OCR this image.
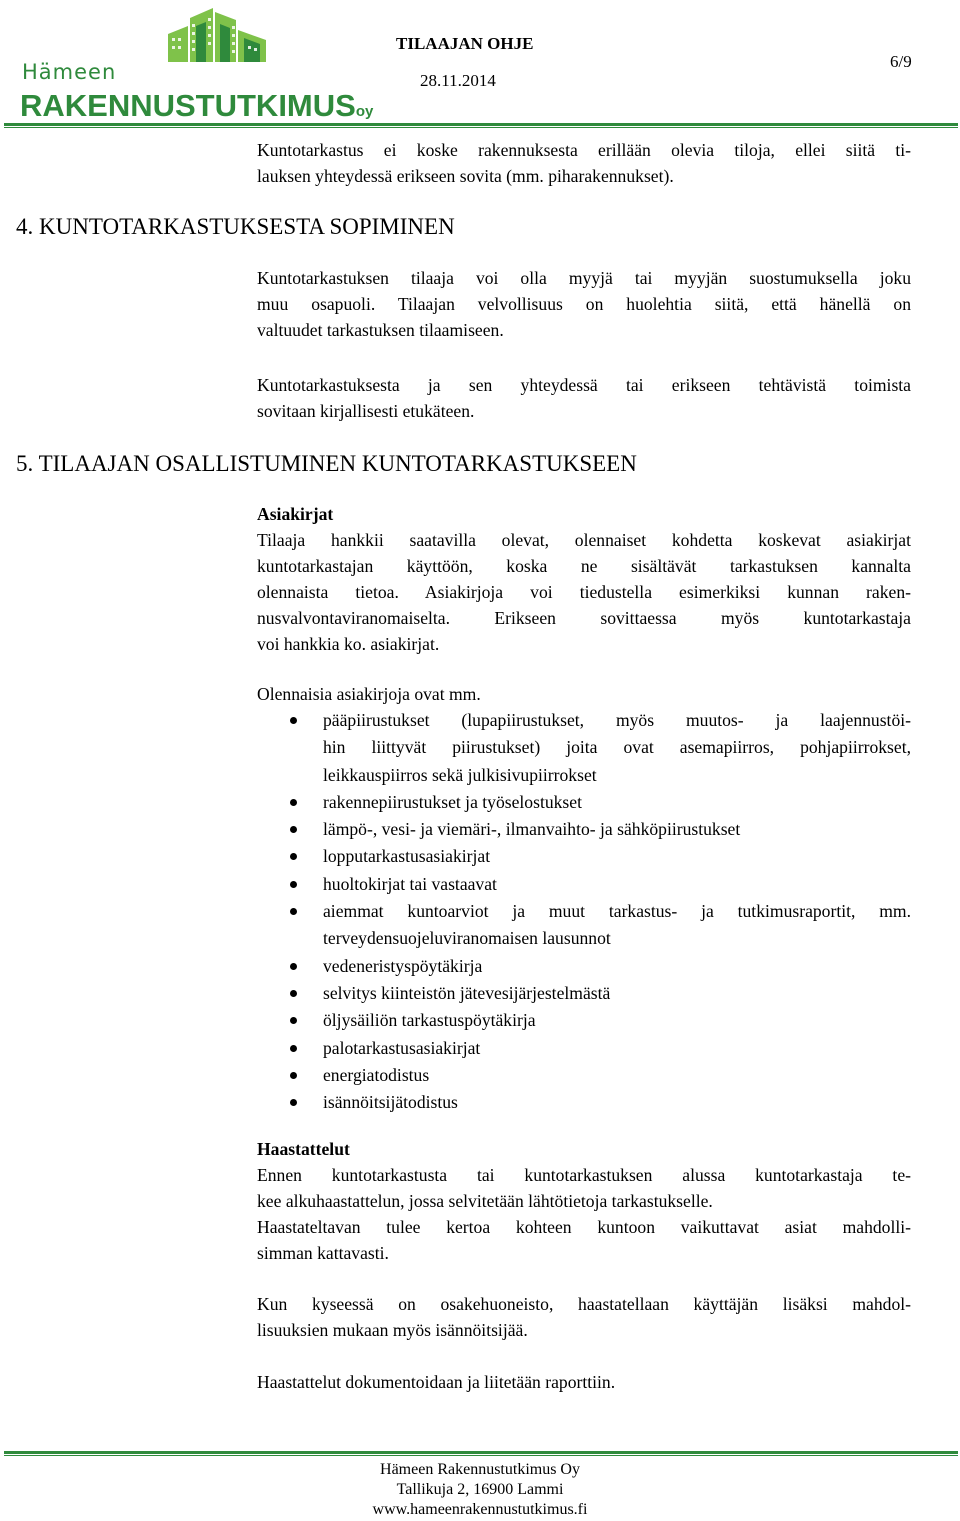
Hämeen
RAKENNUSTUTKIMUSoy
TILAAJAN OHJE
28.11.2014
6/9
Kuntotarkastus ei koske rakennuksesta erillään olevia tiloja, ellei siitä ti-
lauksen yhteydessä erikseen sovita (mm. piharakennukset).
4. KUNTOTARKASTUKSESTA SOPIMINEN
Kuntotarkastuksen tilaaja voi olla myyjä tai myyjän suostumuksella joku
muu osapuoli. Tilaajan velvollisuus on huolehtia siitä, että hänellä on
valtuudet tarkastuksen tilaamiseen.
Kuntotarkastuksesta ja sen yhteydessä tai erikseen tehtävistä toimista
sovitaan kirjallisesti etukäteen.
5. TILAAJAN OSALLISTUMINEN KUNTOTARKASTUKSEEN
Asiakirjat
Tilaaja hankkii saatavilla olevat, olennaiset kohdetta koskevat asiakirjat
kuntotarkastajan käyttöön, koska ne sisältävät tarkastuksen kannalta
olennaista tietoa. Asiakirjoja voi tiedustella esimerkiksi kunnan raken-
nusvalvontaviranomaiselta. Erikseen sovittaessa myös kuntotarkastaja
voi hankkia ko. asiakirjat.
Olennaisia asiakirjoja ovat mm.
pääpiirustukset (lupapiirustukset, myös muutos- ja laajennustöi-
hin liittyvät piirustukset) joita ovat asemapiirros, pohjapiirrokset,
leikkauspiirros sekä julkisivupiirrokset
rakennepiirustukset ja työselostukset
lämpö-, vesi- ja viemäri-, ilmanvaihto- ja sähköpiirustukset
lopputarkastusasiakirjat
huoltokirjat tai vastaavat
aiemmat kuntoarviot ja muut tarkastus- ja tutkimusraportit, mm.
terveydensuojeluviranomaisen lausunnot
vedeneristyspöytäkirja
selvitys kiinteistön jätevesijärjestelmästä
öljysäiliön tarkastuspöytäkirja
palotarkastusasiakirjat
energiatodistus
isännöitsijätodistus
Haastattelut
Ennen kuntotarkastusta tai kuntotarkastuksen alussa kuntotarkastaja te-
kee alkuhaastattelun, jossa selvitetään lähtötietoja tarkastukselle.
Haastateltavan tulee kertoa kohteen kuntoon vaikuttavat asiat mahdolli-
simman kattavasti.
Kun kyseessä on osakehuoneisto, haastatellaan käyttäjän lisäksi mahdol-
lisuuksien mukaan myös isännöitsijää.
Haastattelut dokumentoidaan ja liitetään raporttiin.
Hämeen Rakennustutkimus Oy
Tallikuja 2, 16900 Lammi
www.hameenrakennustutkimus.fi
